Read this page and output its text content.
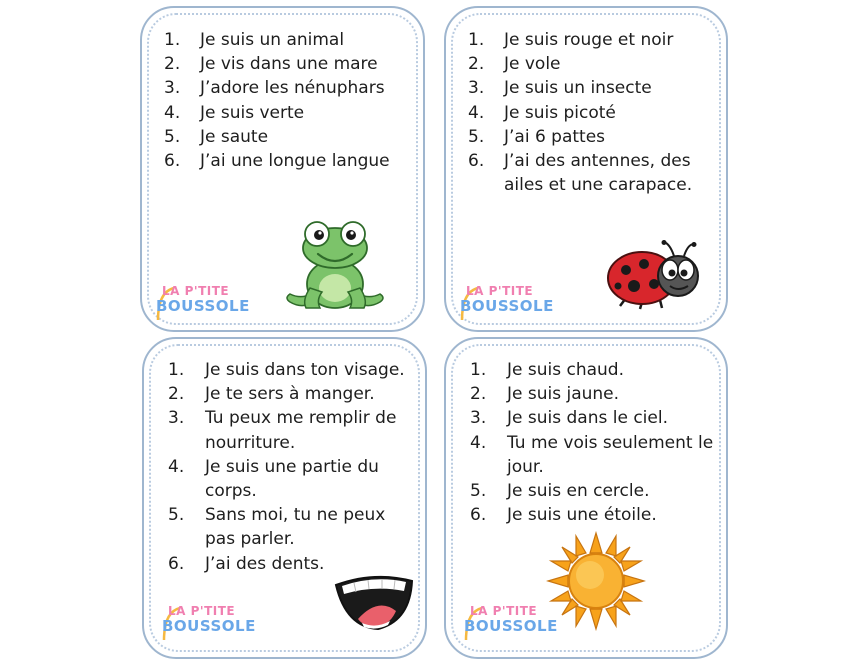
1. Je suis un animal
2. Je vis dans une mare
3. J’adore les nénuphars
4. Je suis verte
5. Je saute
6. J’ai une longue langue
LA P'TITE
BOUSSOLE
1. Je suis rouge et noir
2. Je vole
3. Je suis un insecte
4. Je suis picoté
5. J’ai 6 pattes
6. J’ai des antennes, des ailes et une carapace.
LA P'TITE
BOUSSOLE
1. Je suis dans ton visage.
2. Je te sers à manger.
3. Tu peux me remplir de nourriture.
4. Je suis une partie du corps.
5. Sans moi, tu ne peux pas parler.
6. J’ai des dents.
LA P'TITE
BOUSSOLE
1. Je suis chaud.
2. Je suis jaune.
3. Je suis dans le ciel.
4. Tu me vois seulement le jour.
5. Je suis en cercle.
6. Je suis une étoile.
LA P'TITE
BOUSSOLE
